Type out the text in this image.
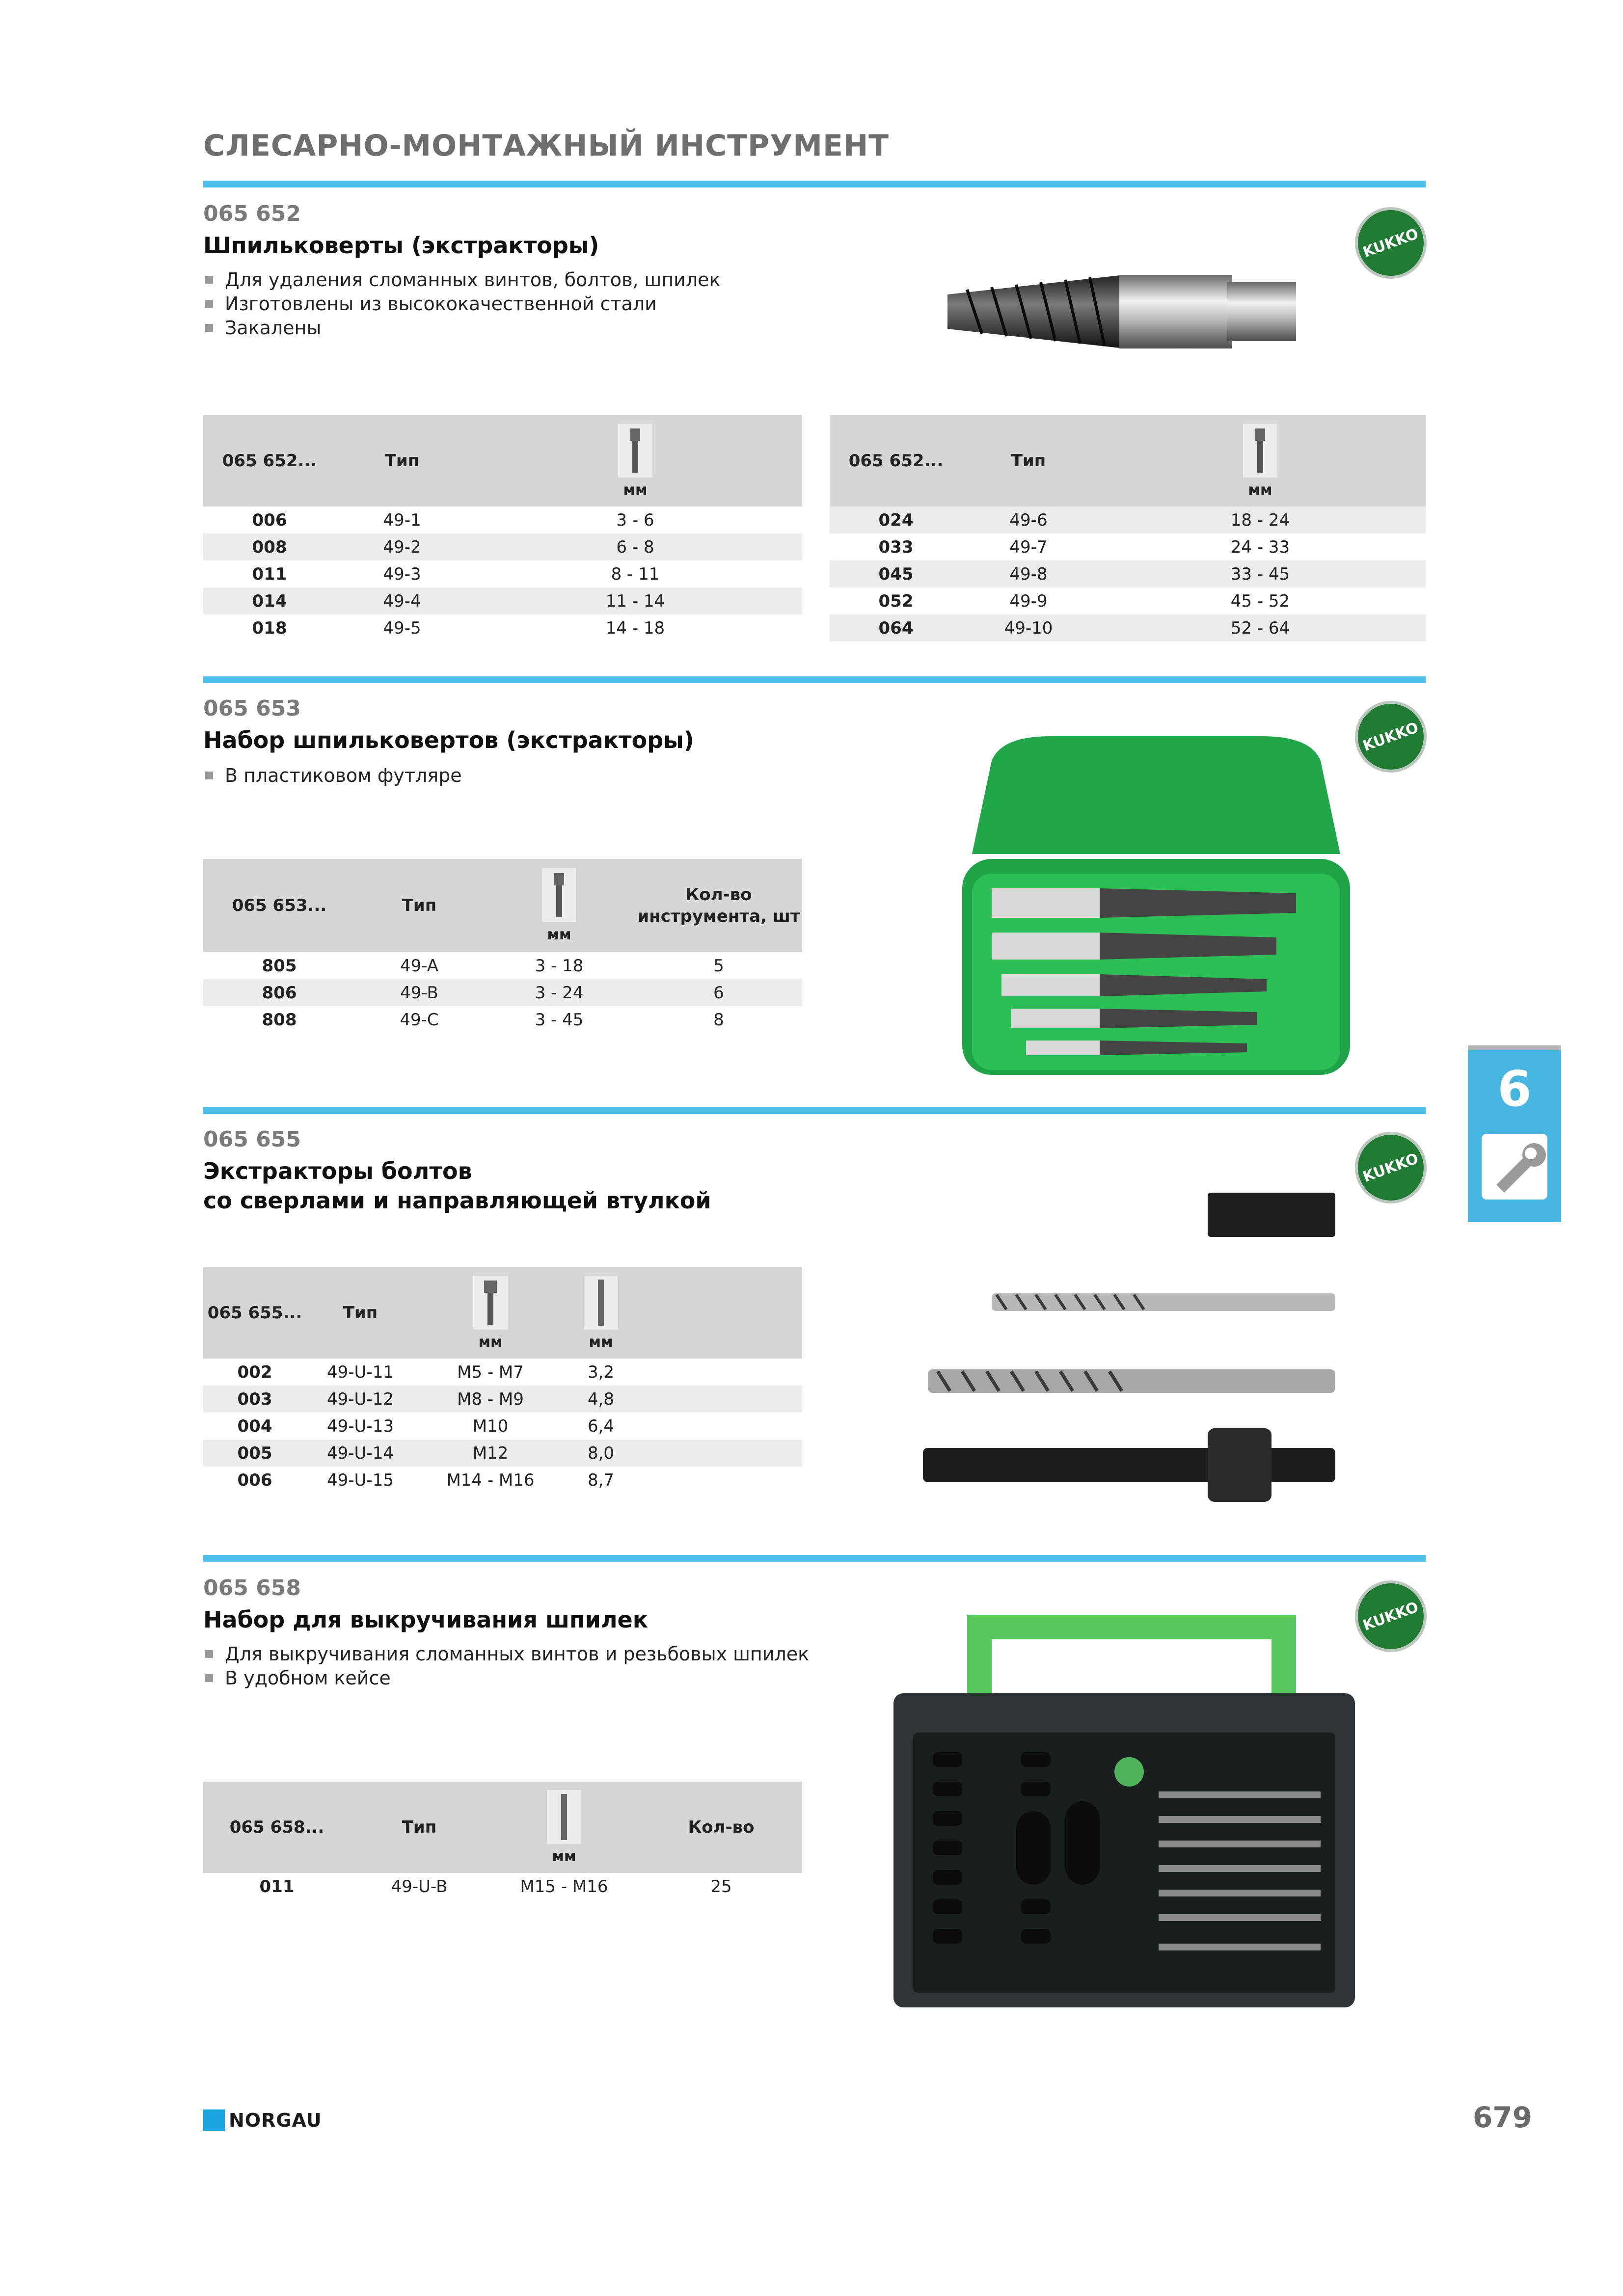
СЛЕСАРНО-МОНТАЖНЫЙ ИНСТРУМЕНТ
065 652
Шпильковерты (экстракторы)
Для удаления сломанных винтов, болтов, шпилек
Изготовлены из высококачественной стали
Закалены
KUKKO
065 652...	Тип	мм

006	49-1	3 - 6
008	49-2	6 - 8
011	49-3	8 - 11
014	49-4	11 - 14
018	49-5	14 - 18
065 652...	Тип	мм

024	49-6	18 - 24
033	49-7	24 - 33
045	49-8	33 - 45
052	49-9	45 - 52
064	49-10	52 - 64
065 653
Набор шпильковертов (экстракторы)
В пластиковом футляре
KUKKO
065 653...	Тип	мм	Кол-во инструмента, шт
805	49-A	3 - 18	5
806	49-B	3 - 24	6
808	49-C	3 - 45	8
065 655
Экстракторы болтов
со сверлами и направляющей втулкой
KUKKO
065 655...	Тип	мм	мм

002	49-U-11	M5 - M7	3,2

003	49-U-12	M8 - M9	4,8

004	49-U-13	M10	6,4

005	49-U-14	M12	8,0

006	49-U-15	M14 - M16	8,7
065 658
Набор для выкручивания шпилек
Для выкручивания сломанных винтов и резьбовых шпилек
В удобном кейсе
KUKKO
065 658...	Тип	мм	Кол-во
011	49-U-B	M15 - M16	25
6
NORGAU	679
